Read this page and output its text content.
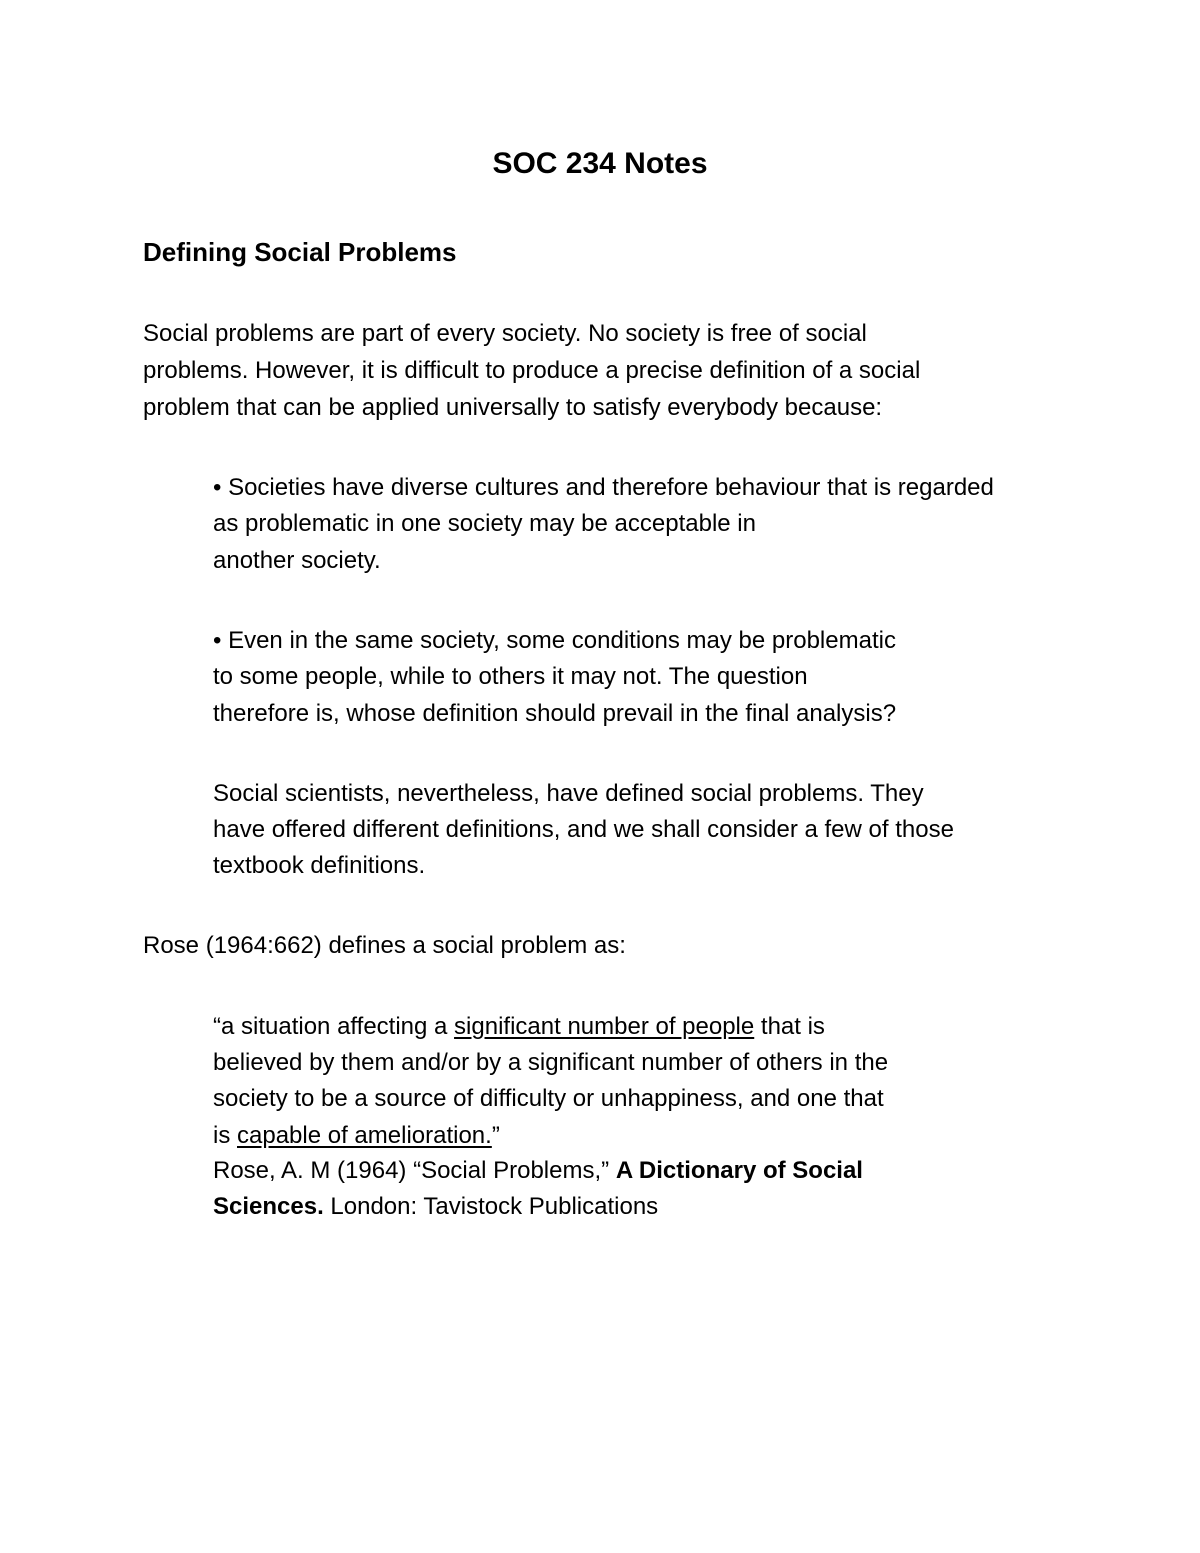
SOC 234 Notes
Defining Social Problems
Social problems are part of every society. No society is free of social
problems. However, it is difficult to produce a precise definition of a social
problem that can be applied universally to satisfy everybody because:
• Societies have diverse cultures and therefore behaviour that is regarded
as problematic in one society may be acceptable in
another society.
• Even in the same society, some conditions may be problematic
to some people, while to others it may not. The question
therefore is, whose definition should prevail in the final analysis?
Social scientists, nevertheless, have defined social problems. They
have offered different definitions, and we shall consider a few of those
textbook definitions.
Rose (1964:662) defines a social problem as:
“a situation affecting a significant number of people that is
believed by them and/or by a significant number of others in the
society to be a source of difficulty or unhappiness, and one that
is capable of amelioration.”
Rose, A. M (1964) “Social Problems,” A Dictionary of Social
Sciences. London: Tavistock Publications
